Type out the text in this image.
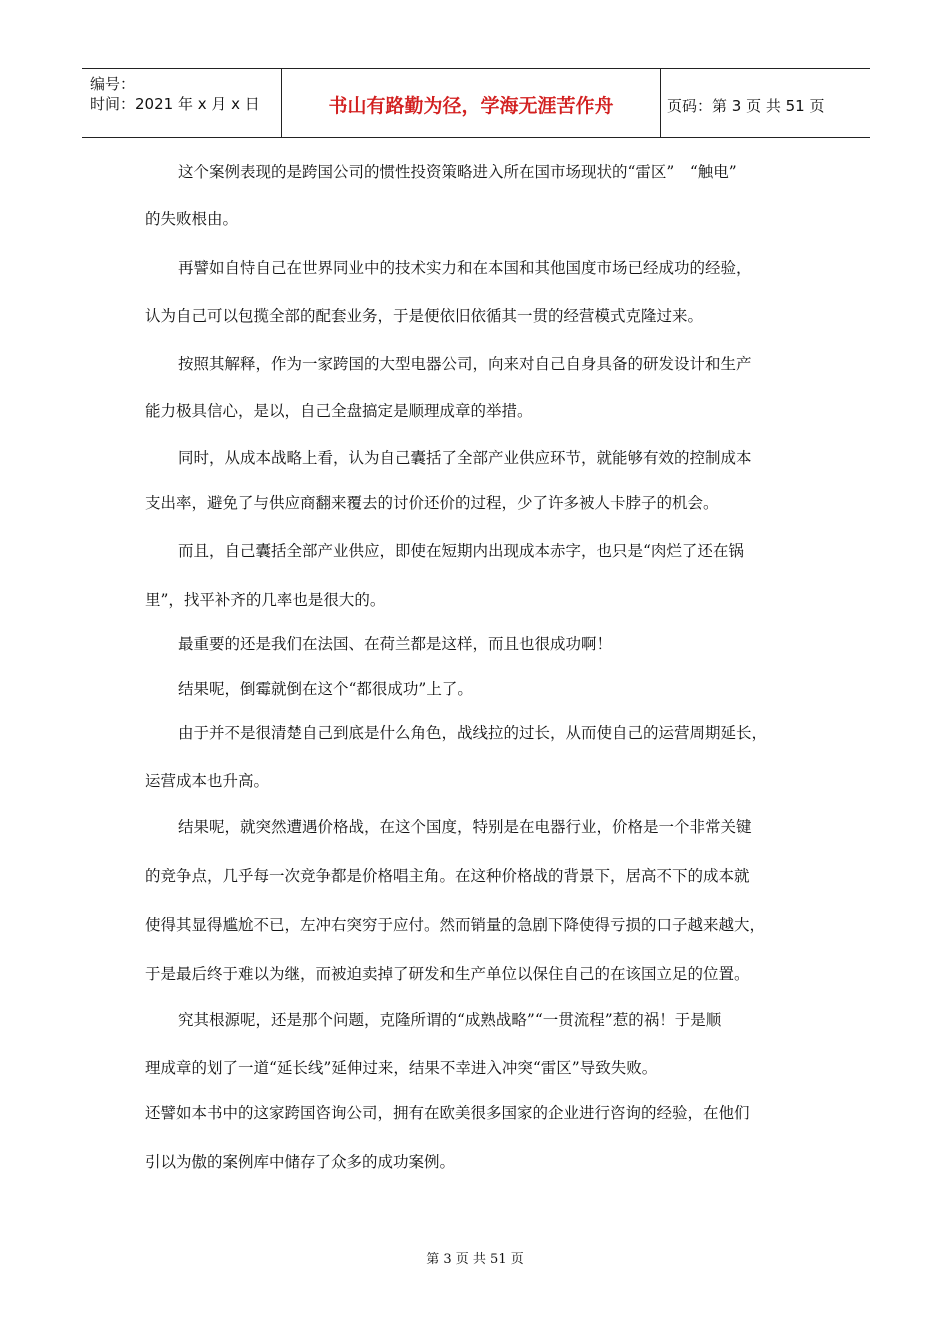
编号：
时间：2021 年 x 月 x 日	书山有路勤为径，学海无涯苦作舟	页码：第 3 页 共 51 页
这个案例表现的是跨国公司的惯性投资策略进入所在国市场现状的“雷区”　“触电”
的失败根由。
再譬如自恃自己在世界同业中的技术实力和在本国和其他国度市场已经成功的经验，
认为自己可以包揽全部的配套业务，于是便依旧依循其一贯的经营模式克隆过来。
按照其解释，作为一家跨国的大型电器公司，向来对自己自身具备的研发设计和生产
能力极具信心，是以，自己全盘搞定是顺理成章的举措。
同时，从成本战略上看，认为自己囊括了全部产业供应环节，就能够有效的控制成本
支出率，避免了与供应商翻来覆去的讨价还价的过程，少了许多被人卡脖子的机会。
而且，自己囊括全部产业供应，即使在短期内出现成本赤字，也只是“肉烂了还在锅
里”，找平补齐的几率也是很大的。
最重要的还是我们在法国、在荷兰都是这样，而且也很成功啊！
结果呢，倒霉就倒在这个“都很成功”上了。
由于并不是很清楚自己到底是什么角色，战线拉的过长，从而使自己的运营周期延长，
运营成本也升高。
结果呢，就突然遭遇价格战，在这个国度，特别是在电器行业，价格是一个非常关键
的竞争点，几乎每一次竞争都是价格唱主角。在这种价格战的背景下，居高不下的成本就
使得其显得尴尬不已，左冲右突穷于应付。然而销量的急剧下降使得亏损的口子越来越大，
于是最后终于难以为继，而被迫卖掉了研发和生产单位以保住自己的在该国立足的位置。
究其根源呢，还是那个问题，克隆所谓的“成熟战略”“一贯流程”惹的祸！于是顺
理成章的划了一道“延长线”延伸过来，结果不幸进入冲突“雷区”导致失败。
还譬如本书中的这家跨国咨询公司，拥有在欧美很多国家的企业进行咨询的经验，在他们
引以为傲的案例库中储存了众多的成功案例。
第 3 页 共 51 页
